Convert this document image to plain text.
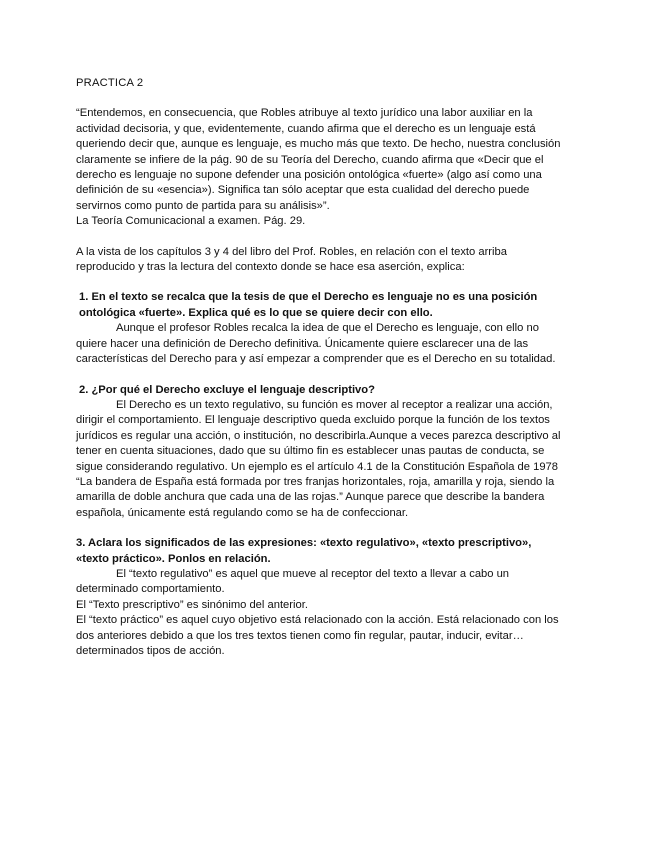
PRACTICA 2

“Entendemos, en consecuencia, que Robles atribuye al texto jurídico una labor auxiliar en la actividad decisoria, y que, evidentemente, cuando afirma que el derecho es un lenguaje está queriendo decir que, aunque es lenguaje, es mucho más que texto. De hecho, nuestra conclusión claramente se infiere de la pág. 90 de su Teoría del Derecho, cuando afirma que «Decir que el derecho es lenguaje no supone defender una posición ontológica «fuerte» (algo así como una definición de su «esencia»). Significa tan sólo aceptar que esta cualidad del derecho puede servirnos como punto de partida para su análisis»”.

La Teoría Comunicacional a examen. Pág. 29.

A la vista de los capítulos 3 y 4 del libro del Prof. Robles, en relación con el texto arriba reproducido y tras la lectura del contexto donde se hace esa aserción, explica:

1. En el texto se recalca que la tesis de que el Derecho es lenguaje no es una posición ontológica «fuerte». Explica qué es lo que se quiere decir con ello.

Aunque el profesor Robles recalca la idea de que el Derecho es lenguaje, con ello no quiere hacer una definición de Derecho definitiva. Únicamente quiere esclarecer una de las características del Derecho para y así empezar a comprender que es el Derecho en su totalidad.

2. ¿Por qué el Derecho excluye el lenguaje descriptivo?

El Derecho es un texto regulativo, su función es mover al receptor a realizar una acción, dirigir el comportamiento. El lenguaje descriptivo queda excluido porque la función de los textos jurídicos es regular una acción, o institución, no describirla.Aunque a veces parezca descriptivo al tener en cuenta situaciones, dado que su último fin es establecer unas pautas de conducta, se sigue considerando regulativo. Un ejemplo es el artículo 4.1 de la Constitución Española de 1978 “La bandera de España está formada por tres franjas horizontales, roja, amarilla y roja, siendo la amarilla de doble anchura que cada una de las rojas.” Aunque parece que describe la bandera española, únicamente está regulando como se ha de confeccionar.

3. Aclara los significados de las expresiones: «texto regulativo», «texto prescriptivo», «texto práctico». Ponlos en relación.

El “texto regulativo” es aquel que mueve al receptor del texto a llevar a cabo un determinado comportamiento.

El “Texto prescriptivo” es sinónimo del anterior.

El “texto práctico” es aquel cuyo objetivo está relacionado con la acción. Está relacionado con los dos anteriores debido a que los tres textos tienen como fin regular, pautar, inducir, evitar… determinados tipos de acción.
